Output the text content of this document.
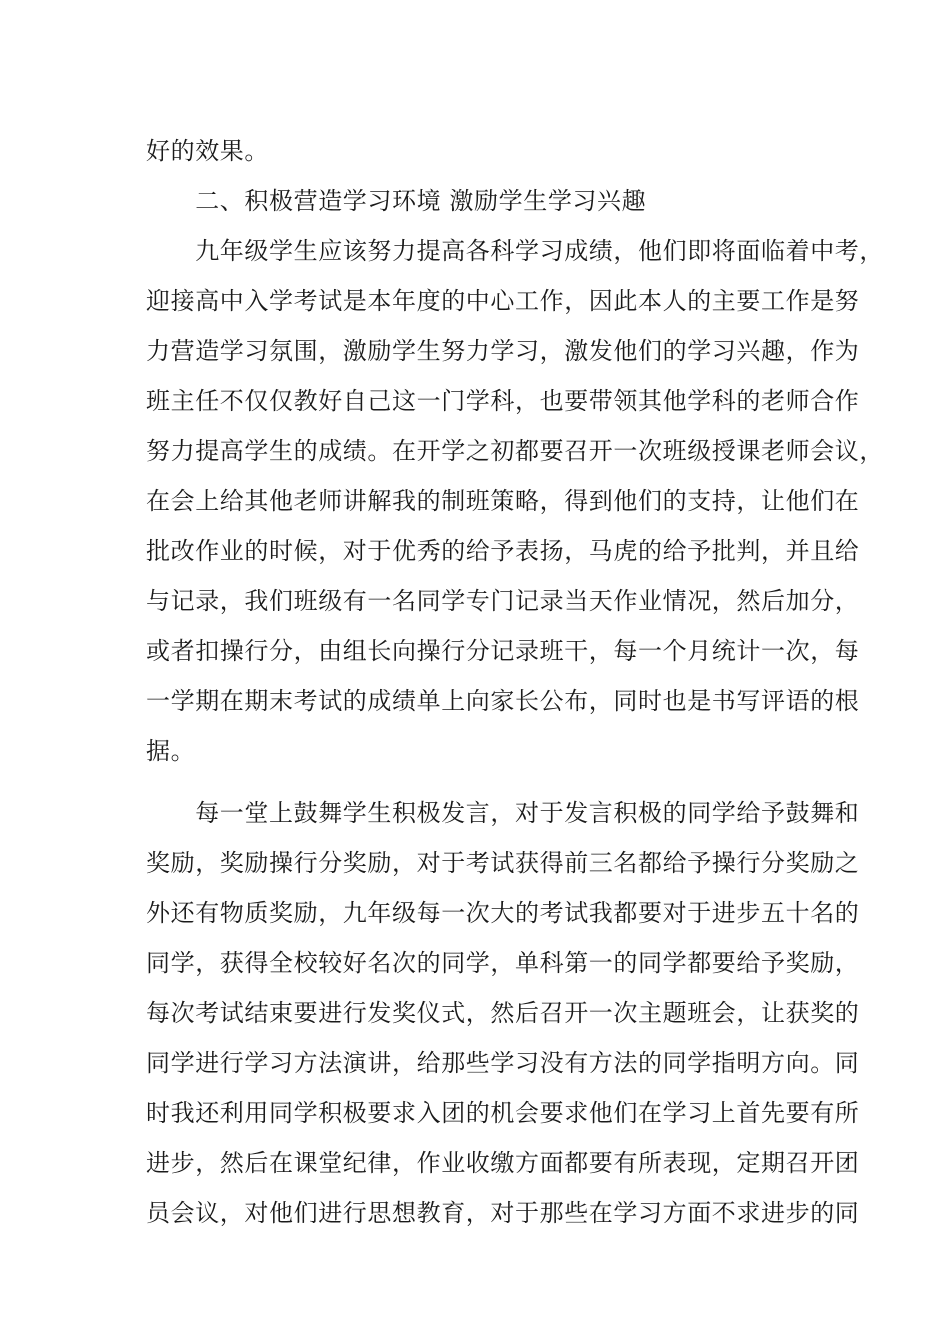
好的效果。
　　二、积极营造学习环境 激励学生学习兴趣
　　九年级学生应该努力提高各科学习成绩，他们即将面临着中考，
迎接高中入学考试是本年度的中心工作，因此本人的主要工作是努
力营造学习氛围，激励学生努力学习，激发他们的学习兴趣，作为
班主任不仅仅教好自己这一门学科，也要带领其他学科的老师合作
努力提高学生的成绩。在开学之初都要召开一次班级授课老师会议，
在会上给其他老师讲解我的制班策略，得到他们的支持，让他们在
批改作业的时候，对于优秀的给予表扬，马虎的给予批判，并且给
与记录，我们班级有一名同学专门记录当天作业情况，然后加分，
或者扣操行分，由组长向操行分记录班干，每一个月统计一次，每
一学期在期末考试的成绩单上向家长公布，同时也是书写评语的根
据。
　　每一堂上鼓舞学生积极发言，对于发言积极的同学给予鼓舞和
奖励，奖励操行分奖励，对于考试获得前三名都给予操行分奖励之
外还有物质奖励，九年级每一次大的考试我都要对于进步五十名的
同学，获得全校较好名次的同学，单科第一的同学都要给予奖励，
每次考试结束要进行发奖仪式，然后召开一次主题班会，让获奖的
同学进行学习方法演讲，给那些学习没有方法的同学指明方向。同
时我还利用同学积极要求入团的机会要求他们在学习上首先要有所
进步，然后在课堂纪律，作业收缴方面都要有所表现，定期召开团
员会议，对他们进行思想教育，对于那些在学习方面不求进步的同
